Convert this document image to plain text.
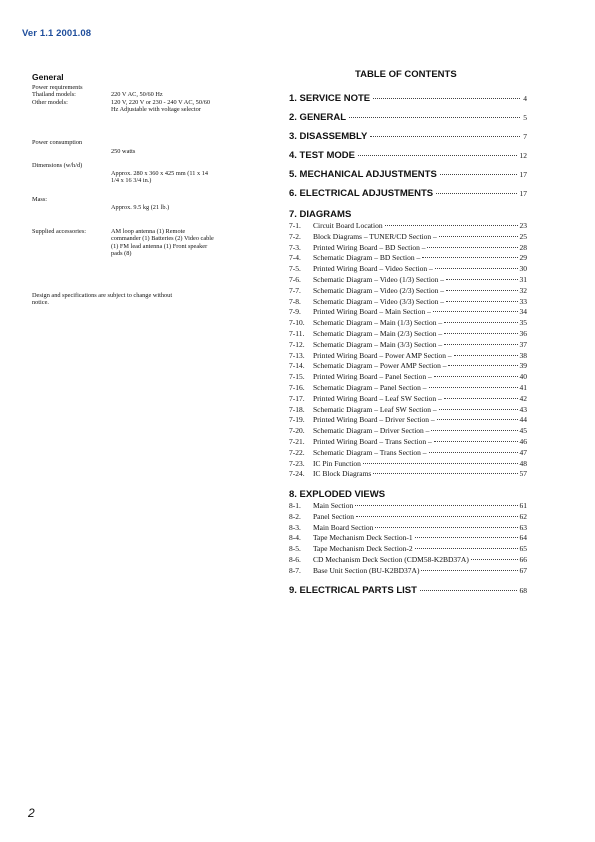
Ver 1.1 2001.08
General
Power requirements
Thailand models:	220 V AC, 50/60 Hz
Other models:	120 V, 220 V or 230 - 240 V AC, 50/60 Hz Adjustable with voltage selector
Power consumption
250 watts
Dimensions (w/h/d)
Approx. 280 x 360 x 425 mm (11 x 14 1/4 x 16 3/4 in.)
Mass:
Approx. 9.5 kg (21 lb.)
Supplied accessories:	AM loop antenna (1) Remote commander (1) Batteries (2) Video cable (1) FM lead antenna (1) Front speaker pads (8)
Design and specifications are subject to change without notice.
TABLE OF CONTENTS
1. SERVICE NOTE	4
2. GENERAL	5
3. DISASSEMBLY	7
4. TEST MODE	12
5. MECHANICAL ADJUSTMENTS	17
6. ELECTRICAL ADJUSTMENTS	17
7. DIAGRAMS
7-1.	Circuit Board Location	23
7-2.	Block Diagrams – TUNER/CD Section –	25
7-3.	Printed Wiring Board – BD Section –	28
7-4.	Schematic Diagram – BD Section –	29
7-5.	Printed Wiring Board – Video Section –	30
7-6.	Schematic Diagram – Video (1/3) Section –	31
7-7.	Schematic Diagram – Video (2/3) Section –	32
7-8.	Schematic Diagram – Video (3/3) Section –	33
7-9.	Printed Wiring Board – Main Section –	34
7-10.	Schematic Diagram – Main (1/3) Section –	35
7-11.	Schematic Diagram – Main (2/3) Section –	36
7-12.	Schematic Diagram – Main (3/3) Section –	37
7-13.	Printed Wiring Board – Power AMP Section –	38
7-14.	Schematic Diagram – Power AMP Section –	39
7-15.	Printed Wiring Board – Panel Section –	40
7-16.	Schematic Diagram – Panel Section –	41
7-17.	Printed Wiring Board – Leaf SW Section –	42
7-18.	Schematic Diagram – Leaf SW Section –	43
7-19.	Printed Wiring Board – Driver Section –	44
7-20.	Schematic Diagram – Driver Section –	45
7-21.	Printed Wiring Board – Trans Section –	46
7-22.	Schematic Diagram – Trans Section –	47
7-23.	IC Pin Function	48
7-24.	IC Block Diagrams	57
8. EXPLODED VIEWS
8-1.	Main Section	61
8-2.	Panel Section	62
8-3.	Main Board Section	63
8-4.	Tape Mechanism Deck Section-1	64
8-5.	Tape Mechanism Deck Section-2	65
8-6.	CD Mechanism Deck Section (CDM58-K2BD37A)	66
8-7.	Base Unit Section (BU-K2BD37A)	67
9. ELECTRICAL PARTS LIST	68
2
